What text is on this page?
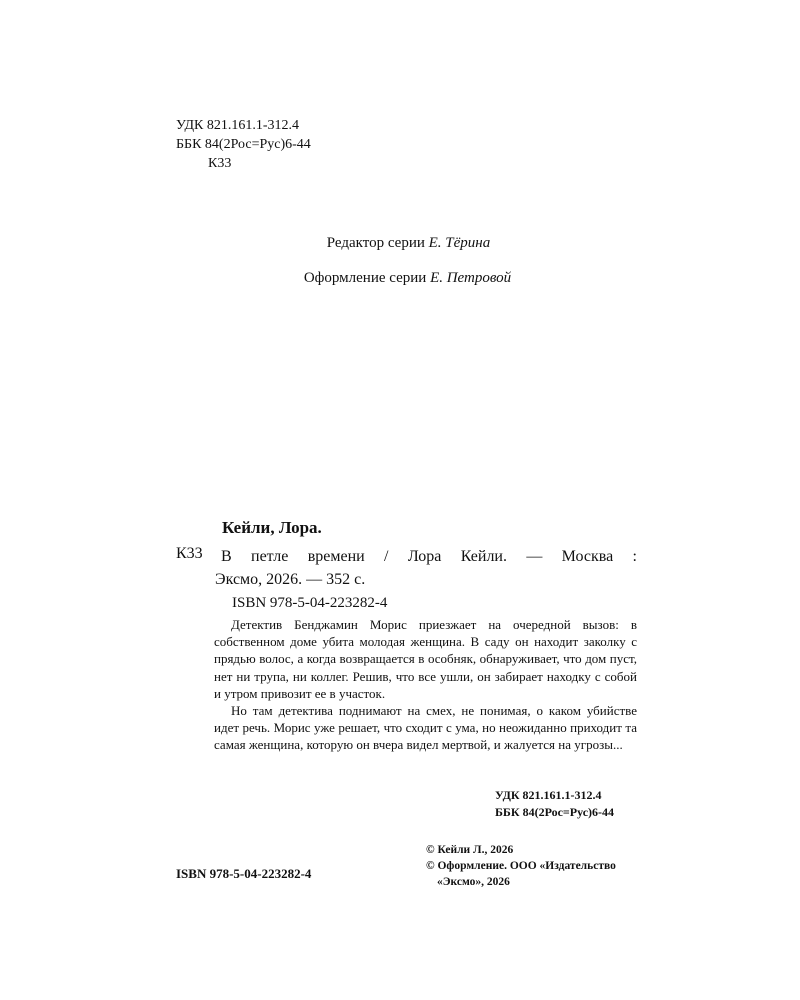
УДК 821.161.1-312.4
ББК 84(2Рос=Рус)6-44
К33
Редактор серии Е. Тёрина
Оформление серии Е. Петровой
Кейли, Лора.
К33 В петле времени / Лора Кейли. — Москва :
Эксмо, 2026. — 352 с.
ISBN 978-5-04-223282-4

Детектив Бенджамин Морис приезжает на очередной вызов: в собственном доме убита молодая женщина. В саду он находит заколку с прядью волос, а когда возвращается в особняк, обнаруживает, что дом пуст, нет ни трупа, ни коллег. Решив, что все ушли, он забирает находку с собой и утром привозит ее в участок.

Но там детектива поднимают на смех, не понимая, о каком убийстве идет речь. Морис уже решает, что сходит с ума, но неожиданно приходит та самая женщина, которую он вчера видел мертвой, и жалуется на угрозы...

УДК 821.161.1-312.4
ББК 84(2Рос=Рус)6-44
ISBN 978-5-04-223282-4
© Кейли Л., 2026
© Оформление. ООО «Издательство
«Эксмо», 2026
